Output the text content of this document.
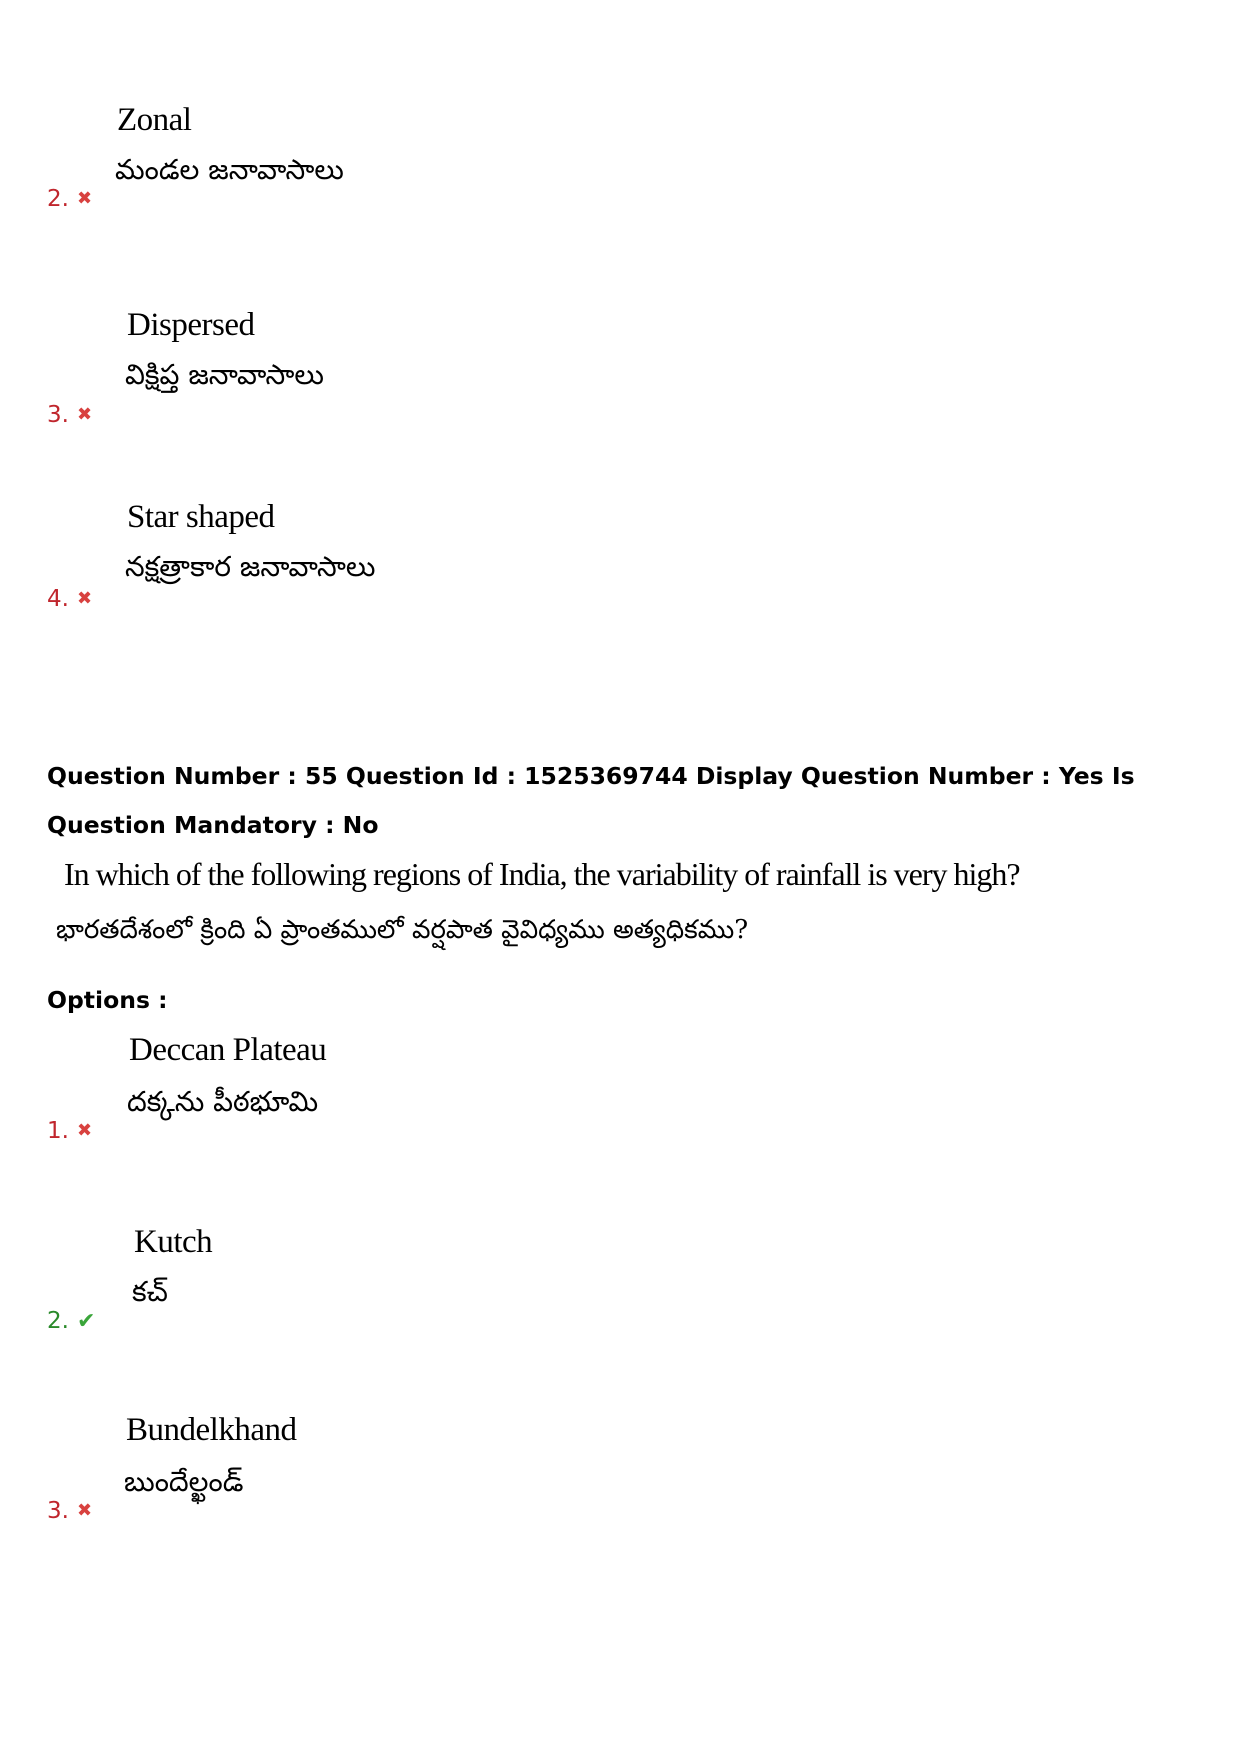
Zonal
మండల జనావాసాలు
2. ✖
Dispersed
విక్షిప్త జనావాసాలు
3. ✖
Star shaped
నక్షత్రాకార జనావాసాలు
4. ✖
Question Number : 55 Question Id : 1525369744 Display Question Number : Yes Is Question Mandatory : No
In which of the following regions of India, the variability of rainfall is very high?
భారతదేశంలో క్రింది ఏ ప్రాంతములో వర్షపాత వైవిధ్యము అత్యధికము?
Options :
Deccan Plateau
దక్కను పీఠభూమి
1. ✖
Kutch
కచ్
2. ✔
Bundelkhand
బుందేల్ఖండ్
3. ✖
